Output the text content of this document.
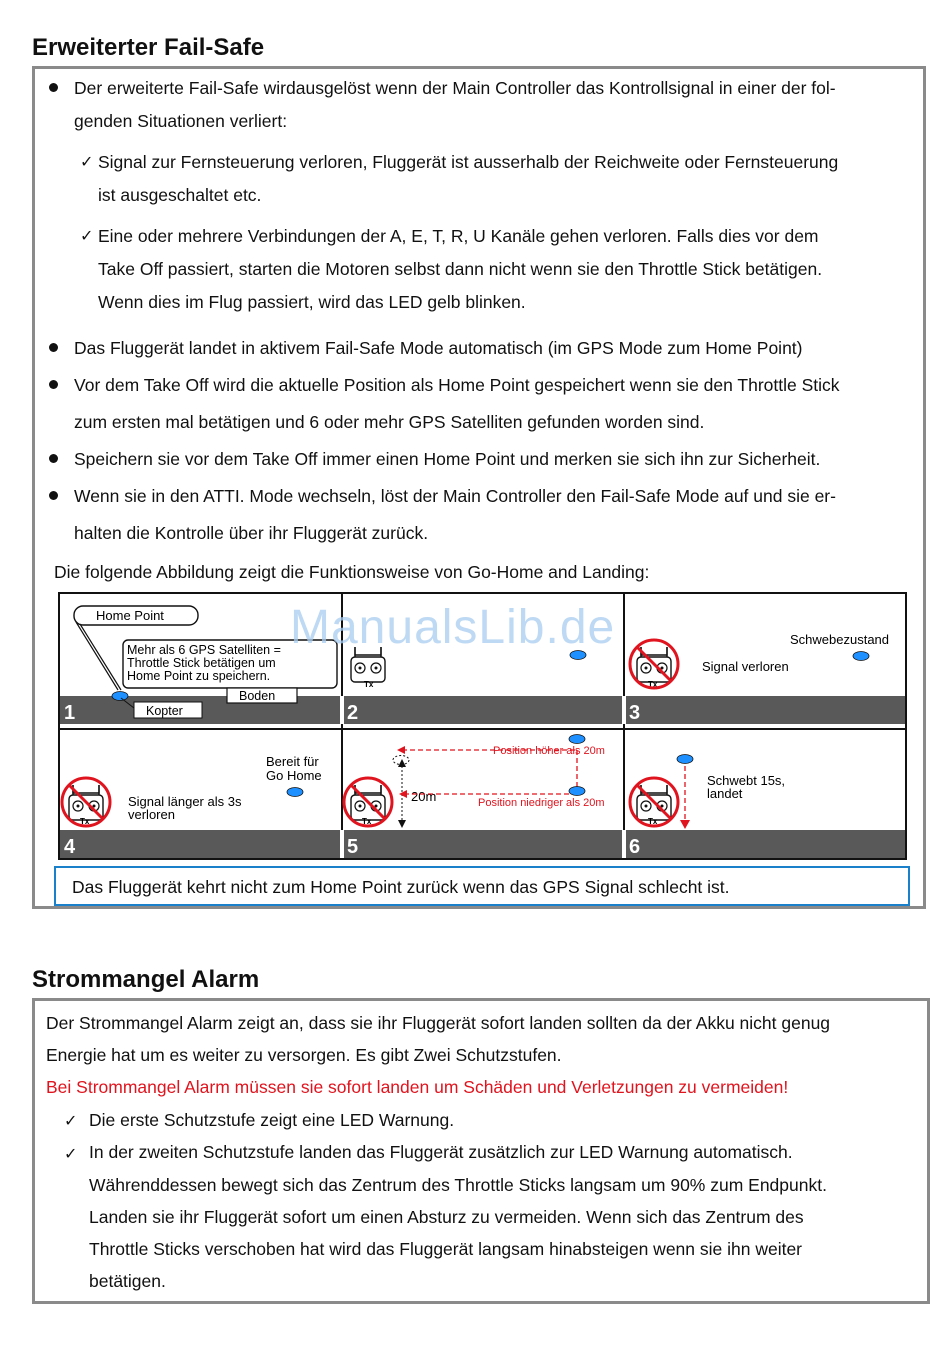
Erweiterter Fail-Safe
Der erweiterte Fail-Safe wirdausgelöst wenn der Main Controller das Kontrollsignal in einer der fol-
genden Situationen verliert:
✓ Signal zur Fernsteuerung verloren, Fluggerät ist ausserhalb der Reichweite oder Fernsteuerung
ist ausgeschaltet etc.
✓ Eine oder mehrere Verbindungen der A, E, T, R, U Kanäle gehen verloren. Falls dies vor dem
Take Off passiert, starten die Motoren selbst dann nicht wenn sie den Throttle Stick betätigen.
Wenn dies im Flug passiert, wird das LED gelb blinken.
Das Fluggerät landet in aktivem Fail-Safe Mode automatisch (im GPS Mode zum Home Point)
Vor dem Take Off wird die aktuelle Position als Home Point gespeichert wenn sie den Throttle Stick
zum ersten mal betätigen und 6 oder mehr GPS Satelliten gefunden worden sind.
Speichern sie vor dem Take Off immer einen Home Point und merken sie sich ihn zur Sicherheit.
Wenn sie in den ATTI. Mode wechseln, löst der Main Controller den Fail-Safe Mode auf und sie er-
halten die Kontrolle über ihr Fluggerät zurück.
Die folgende Abbildung zeigt die Funktionsweise von Go-Home and Landing:
1	2	3
4	5	6
Home Point
Mehr als 6 GPS Satelliten =
Throttle Stick betätigen um
Home Point zu speichern.
Boden
Kopter
Tx	Tx
Schwebezustand
Signal verloren
Tx
Bereit für
Go Home
Signal länger als 3s
verloren	Tx
Position höher als 20m
20m	Position niedriger als 20m
Tx
Schwebt 15s,
landet
ManualsLib.de
Das Fluggerät kehrt nicht zum Home Point zurück wenn das GPS Signal schlecht ist.
Strommangel Alarm
Der Strommangel Alarm zeigt an, dass sie ihr Fluggerät sofort landen sollten da der Akku nicht genug
Energie hat um es weiter zu versorgen. Es gibt Zwei Schutzstufen.
Bei Strommangel Alarm müssen sie sofort landen um Schäden und Verletzungen zu vermeiden!
✓ Die erste Schutzstufe zeigt eine LED Warnung.
✓ In der zweiten Schutzstufe landen das Fluggerät zusätzlich zur LED Warnung automatisch.
Währenddessen bewegt sich das Zentrum des Throttle Sticks langsam um 90% zum Endpunkt.
Landen sie ihr Fluggerät sofort um einen Absturz zu vermeiden. Wenn sich das Zentrum des
Throttle Sticks verschoben hat wird das Fluggerät langsam hinabsteigen wenn sie ihn weiter
betätigen.
